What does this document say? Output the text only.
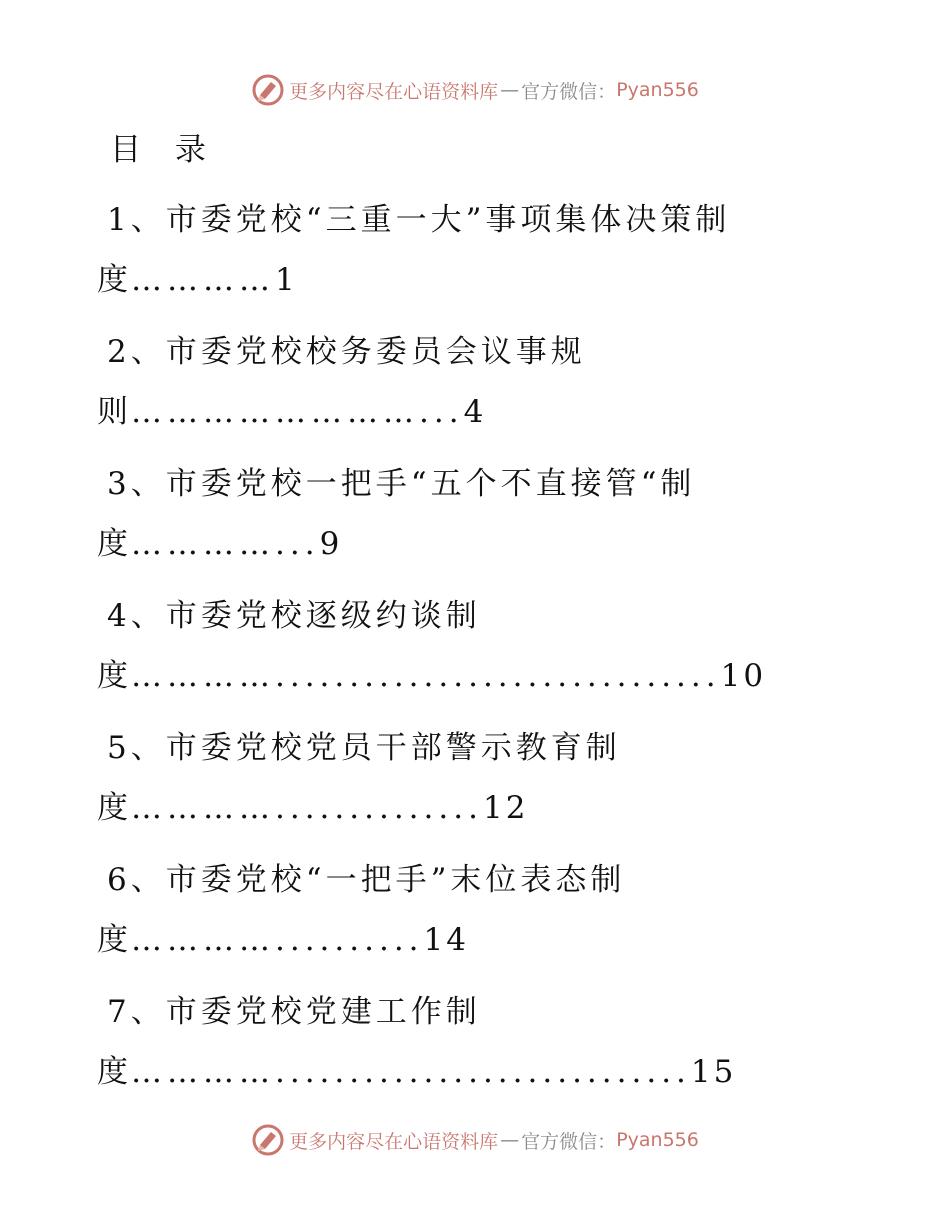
更多内容尽在心语资料库 — 官方微信： Pyan556
目 录
1、市委党校“三重一大”事项集体决策制
度…………1
2、市委党校校务委员会议事规
则……………………...4
3、市委党校一把手“五个不直接管“制
度…………...9
4、市委党校逐级约谈制
度…………..............................10
5、市委党校党员干部警示教育制
度…………..............12
6、市委党校“一把手”末位表态制
度…………..........14
7、市委党校党建工作制
度…………............................15
更多内容尽在心语资料库 — 官方微信： Pyan556
